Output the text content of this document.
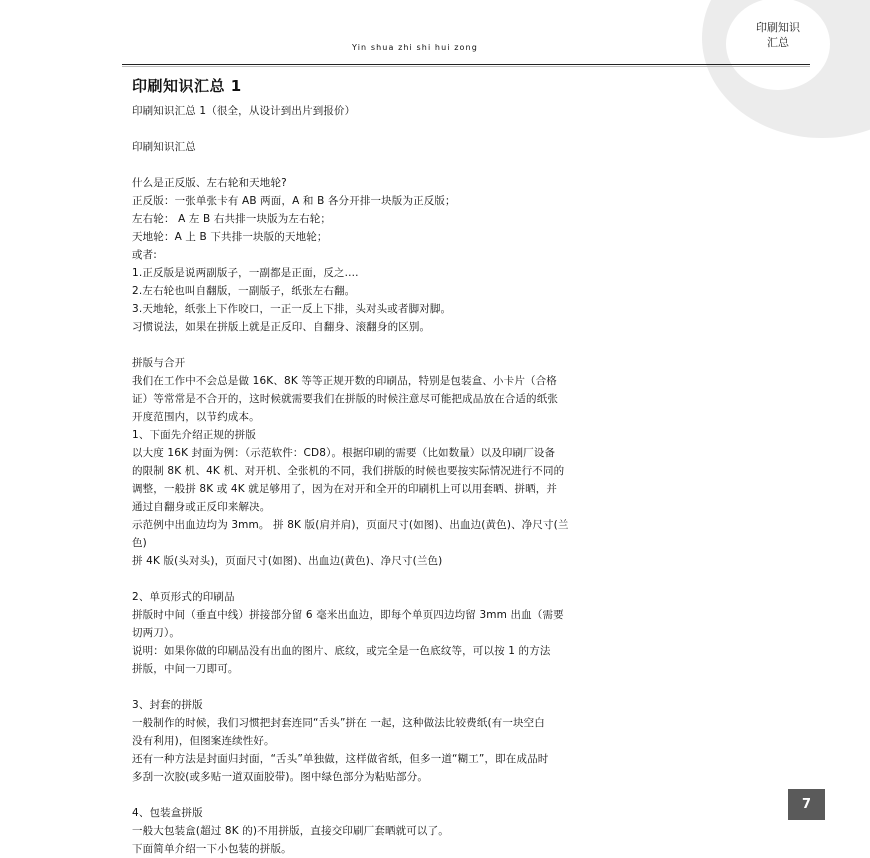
印刷知识
汇总
Yin shua zhi shi hui zong
印刷知识汇总 1
印刷知识汇总 1（很全，从设计到出片到报价）
印刷知识汇总
什么是正反版、左右轮和天地轮?
正反版：一张单张卡有 AB 两面，A 和 B 各分开排一块版为正反版；
左右轮： A 左 B 右共排一块版为左右轮；
天地轮：A 上 B 下共排一块版的天地轮；
或者:
1.正反版是说两副版子，一副都是正面，反之....
2.左右轮也叫自翻版，一副版子，纸张左右翻。
3.天地轮，纸张上下作咬口，一正一反上下排，头对头或者脚对脚。
习惯说法，如果在拼版上就是正反印、自翻身、滚翻身的区别。
拼版与合开
我们在工作中不会总是做 16K、8K 等等正规开数的印刷品，特别是包装盒、小卡片（合格
证）等常常是不合开的，这时候就需要我们在拼版的时候注意尽可能把成品放在合适的纸张
开度范围内，以节约成本。
1、下面先介绍正规的拼版
以大度 16K 封面为例：（示范软件：CD8）。根据印刷的需要（比如数量）以及印刷厂设备
的限制 8K 机、4K 机、对开机、全张机的不同，我们拼版的时候也要按实际情况进行不同的
调整，一般拼 8K 或 4K 就足够用了，因为在对开和全开的印刷机上可以用套晒、拼晒，并
通过自翻身或正反印来解决。
示范例中出血边均为 3mm。 拼 8K 版(肩并肩)，页面尺寸(如图)、出血边(黄色)、净尺寸(兰
色)
拼 4K 版(头对头)，页面尺寸(如图)、出血边(黄色)、净尺寸(兰色)
2、单页形式的印刷品
拼版时中间（垂直中线）拼接部分留 6 毫米出血边，即每个单页四边均留 3mm 出血（需要
切两刀）。
说明：如果你做的印刷品没有出血的图片、底纹，或完全是一色底纹等，可以按 1 的方法
拼版，中间一刀即可。
3、封套的拼版
一般制作的时候，我们习惯把封套连同“舌头”拼在 一起，这种做法比较费纸(有一块空白
没有利用)，但图案连续性好。
还有一种方法是封面归封面，“舌头”单独做，这样做省纸，但多一道“糊工”，即在成品时
多刮一次胶(或多贴一道双面胶带)。图中绿色部分为粘贴部分。
4、包装盒拼版
一般大包装盒(超过 8K 的)不用拼版，直接交印刷厂套晒就可以了。
下面简单介绍一下小包装的拼版。
7
